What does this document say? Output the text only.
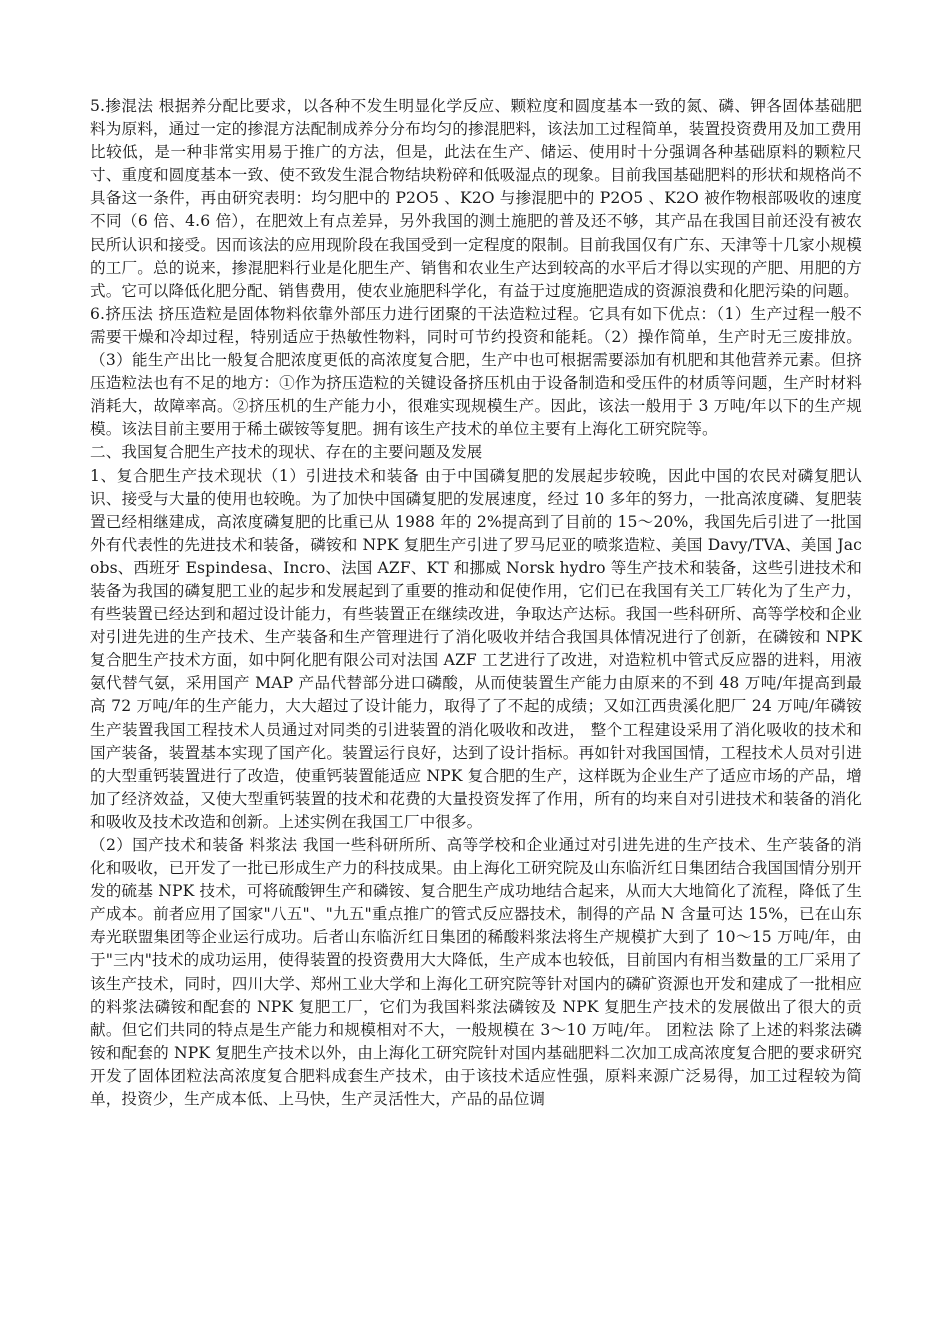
5.掺混法 根据养分配比要求，以各种不发生明显化学反应、颗粒度和圆度基本一致的氮、磷、钾各固体基础肥料为原料，通过一定的掺混方法配制成养分分布均匀的掺混肥料，该法加工过程简单，装置投资费用及加工费用比较低，是一种非常实用易于推广的方法，但是，此法在生产、储运、使用时十分强调各种基础原料的颗粒尺寸、重度和圆度基本一致、使不致发生混合物结块粉碎和低吸湿点的现象。目前我国基础肥料的形状和规格尚不具备这一条件，再由研究表明：均匀肥中的 P2O5 、K2O 与掺混肥中的 P2O5 、K2O 被作物根部吸收的速度不同（6 倍、4.6 倍），在肥效上有点差异，另外我国的测土施肥的普及还不够，其产品在我国目前还没有被农民所认识和接受。因而该法的应用现阶段在我国受到一定程度的限制。目前我国仅有广东、天津等十几家小规模的工厂。总的说来，掺混肥料行业是化肥生产、销售和农业生产达到较高的水平后才得以实现的产肥、用肥的方式。它可以降低化肥分配、销售费用，使农业施肥科学化，有益于过度施肥造成的资源浪费和化肥污染的问题。

6.挤压法 挤压造粒是固体物料依靠外部压力进行团聚的干法造粒过程。它具有如下优点：（1）生产过程一般不需要干燥和冷却过程，特别适应于热敏性物料，同时可节约投资和能耗。（2）操作简单，生产时无三废排放。（3）能生产出比一般复合肥浓度更低的高浓度复合肥，生产中也可根据需要添加有机肥和其他营养元素。但挤压造粒法也有不足的地方：①作为挤压造粒的关键设备挤压机由于设备制造和受压件的材质等问题，生产时材料消耗大，故障率高。②挤压机的生产能力小，很难实现规模生产。因此，该法一般用于 3 万吨/年以下的生产规模。该法目前主要用于稀土碳铵等复肥。拥有该生产技术的单位主要有上海化工研究院等。

二、我国复合肥生产技术的现状、存在的主要问题及发展

1、复合肥生产技术现状（1）引进技术和装备 由于中国磷复肥的发展起步较晚，因此中国的农民对磷复肥认识、接受与大量的使用也较晚。为了加快中国磷复肥的发展速度，经过 10 多年的努力，一批高浓度磷、复肥装置已经相继建成，高浓度磷复肥的比重已从 1988 年的 2%提高到了目前的 15～20%，我国先后引进了一批国外有代表性的先进技术和装备，磷铵和 NPK 复肥生产引进了罗马尼亚的喷浆造粒、美国 Davy/TVA、美国 Jacobs、西班牙 Espindesa、Incro、法国 AZF、KT 和挪威 Norsk hydro 等生产技术和装备，这些引进技术和装备为我国的磷复肥工业的起步和发展起到了重要的推动和促使作用，它们已在我国有关工厂转化为了生产力，有些装置已经达到和超过设计能力，有些装置正在继续改进，争取达产达标。我国一些科研所、高等学校和企业对引进先进的生产技术、生产装备和生产管理进行了消化吸收并结合我国具体情况进行了创新，在磷铵和 NPK 复合肥生产技术方面，如中阿化肥有限公司对法国 AZF 工艺进行了改进，对造粒机中管式反应器的进料，用液氨代替气氨，采用国产 MAP 产品代替部分进口磷酸，从而使装置生产能力由原来的不到 48 万吨/年提高到最高 72 万吨/年的生产能力，大大超过了设计能力，取得了了不起的成绩；又如江西贵溪化肥厂 24 万吨/年磷铵生产装置我国工程技术人员通过对同类的引进装置的消化吸收和改进， 整个工程建设采用了消化吸收的技术和国产装备，装置基本实现了国产化。装置运行良好，达到了设计指标。再如针对我国国情，工程技术人员对引进的大型重钙装置进行了改造，使重钙装置能适应 NPK 复合肥的生产，这样既为企业生产了适应市场的产品，增加了经济效益，又使大型重钙装置的技术和花费的大量投资发挥了作用，所有的均来自对引进技术和装备的消化和吸收及技术改造和创新。上述实例在我国工厂中很多。

（2）国产技术和装备 料浆法 我国一些科研所所、高等学校和企业通过对引进先进的生产技术、生产装备的消化和吸收，已开发了一批已形成生产力的科技成果。由上海化工研究院及山东临沂红日集团结合我国国情分别开发的硫基 NPK 技术，可将硫酸钾生产和磷铵、复合肥生产成功地结合起来，从而大大地简化了流程，降低了生产成本。前者应用了国家"八五"、"九五"重点推广的管式反应器技术，制得的产品 N 含量可达 15%，已在山东寿光联盟集团等企业运行成功。后者山东临沂红日集团的稀酸料浆法将生产规模扩大到了 10～15 万吨/年，由于"三内"技术的成功运用，使得装置的投资费用大大降低，生产成本也较低，目前国内有相当数量的工厂采用了该生产技术，同时，四川大学、郑州工业大学和上海化工研究院等针对国内的磷矿资源也开发和建成了一批相应的料浆法磷铵和配套的 NPK 复肥工厂，它们为我国料浆法磷铵及 NPK 复肥生产技术的发展做出了很大的贡献。但它们共同的特点是生产能力和规模相对不大，一般规模在 3～10 万吨/年。 团粒法 除了上述的料浆法磷铵和配套的 NPK 复肥生产技术以外，由上海化工研究院针对国内基础肥料二次加工成高浓度复合肥的要求研究开发了固体团粒法高浓度复合肥料成套生产技术，由于该技术适应性强，原料来源广泛易得，加工过程较为简单，投资少，生产成本低、上马快，生产灵活性大，产品的品位调
